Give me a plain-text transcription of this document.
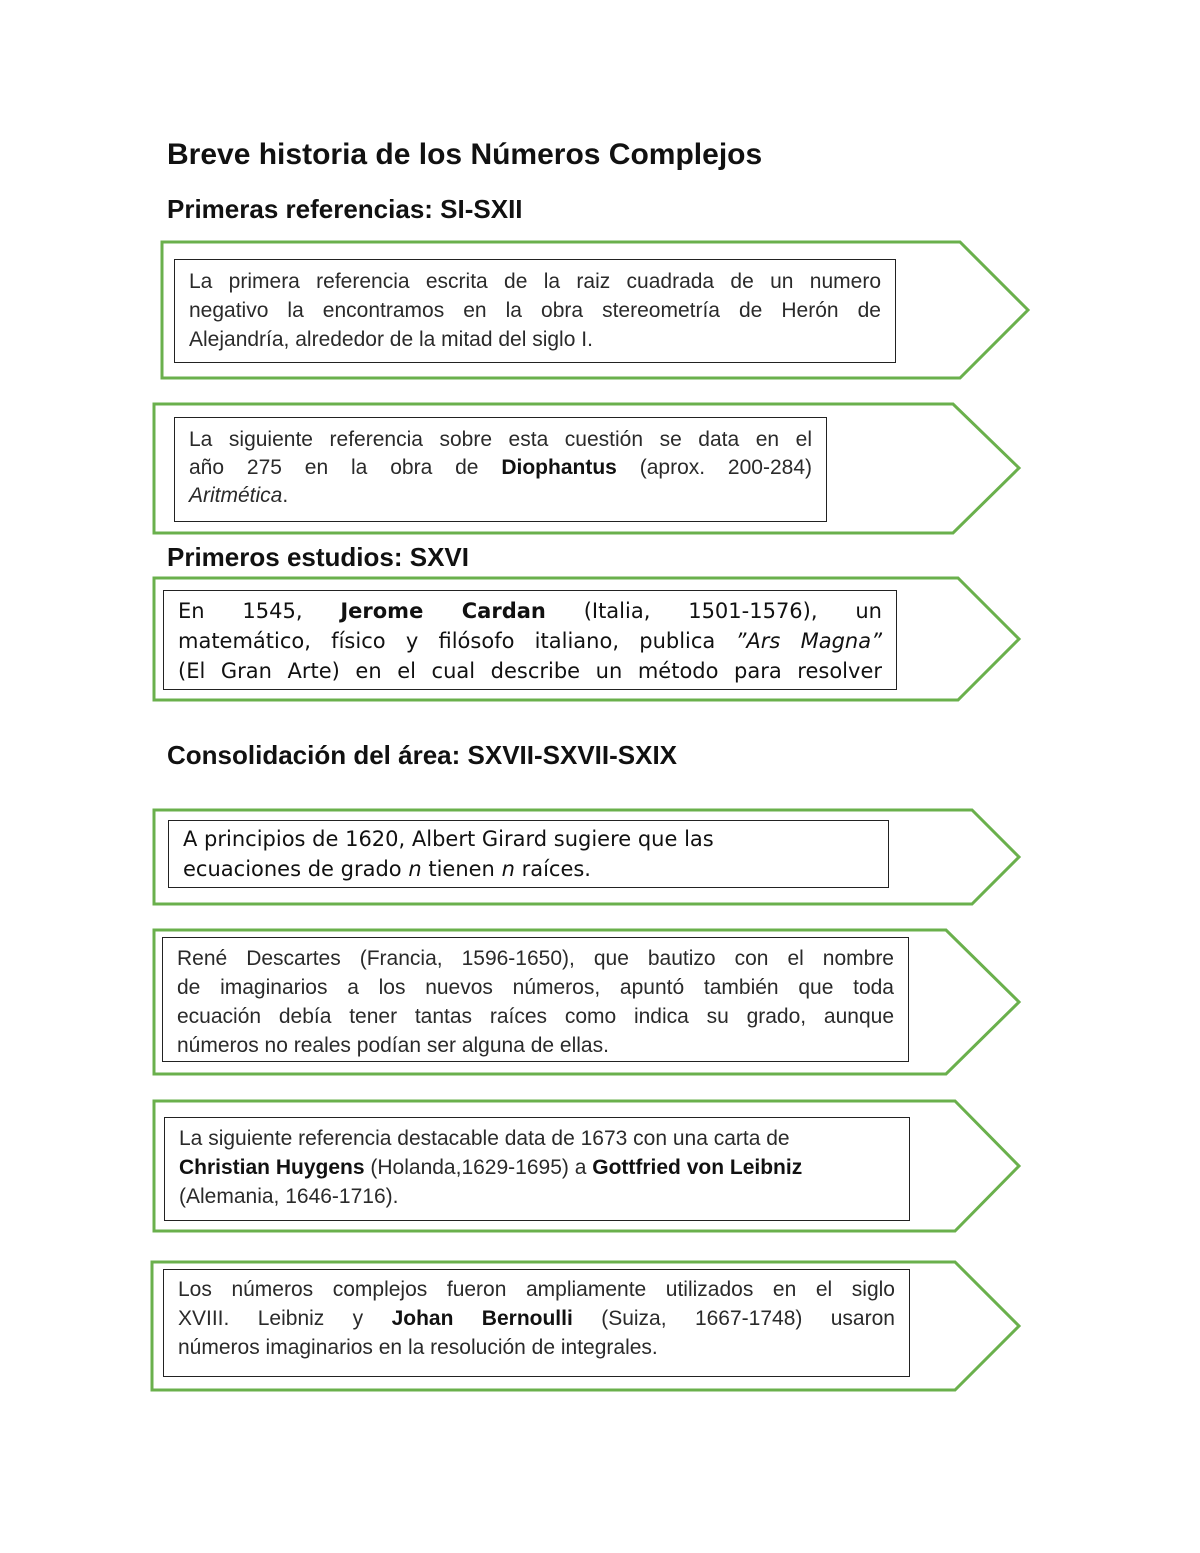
Breve historia de los Números Complejos
Primeras referencias: SI-SXII
Primeros estudios: SXVI
Consolidación del área: SXVII-SXVII-SXIX
La primera referencia escrita de la raiz cuadrada de un numero
negativo la encontramos en la obra stereometría de Herón de
Alejandría, alrededor de la mitad del siglo I.
La siguiente referencia sobre esta cuestión se data en el
año 275 en la obra de Diophantus (aprox. 200-284)
Aritmética.
En 1545, Jerome Cardan (Italia, 1501-1576), un
matemático, físico y filósofo italiano, publica ”Ars Magna”
(El Gran Arte) en el cual describe un método para resolver
A principios de 1620, Albert Girard sugiere que las
ecuaciones de grado n tienen n raíces.
René Descartes (Francia, 1596-1650), que bautizo con el nombre
de imaginarios a los nuevos números, apuntó también que toda
ecuación debía tener tantas raíces como indica su grado, aunque
números no reales podían ser alguna de ellas.
La siguiente referencia destacable data de 1673 con una carta de
Christian Huygens (Holanda,1629-1695) a Gottfried von Leibniz
(Alemania, 1646-1716).
Los números complejos fueron ampliamente utilizados en el siglo
XVIII. Leibniz y Johan Bernoulli (Suiza, 1667-1748) usaron
números imaginarios en la resolución de integrales.
